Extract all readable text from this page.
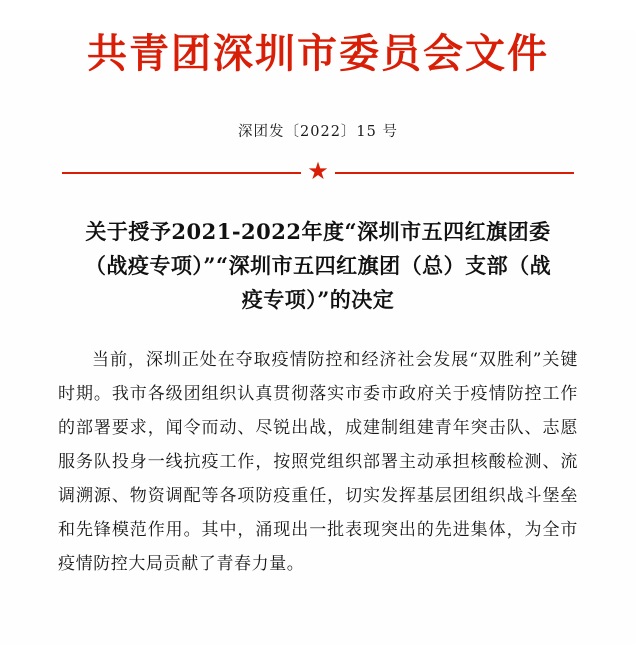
共青团深圳市委员会文件
深团发〔2022〕15 号
★
关于授予2021-2022年度“深圳市五四红旗团委（战疫专项）”“深圳市五四红旗团（总）支部（战疫专项）”的决定

当前，深圳正处在夺取疫情防控和经济社会发展“双胜利”关键时期。我市各级团组织认真贯彻落实市委市政府关于疫情防控工作的部署要求，闻令而动、尽锐出战，成建制组建青年突击队、志愿服务队投身一线抗疫工作，按照党组织部署主动承担核酸检测、流调溯源、物资调配等各项防疫重任，切实发挥基层团组织战斗堡垒和先锋模范作用。其中，涌现出一批表现突出的先进集体，为全市疫情防控大局贡献了青春力量。
